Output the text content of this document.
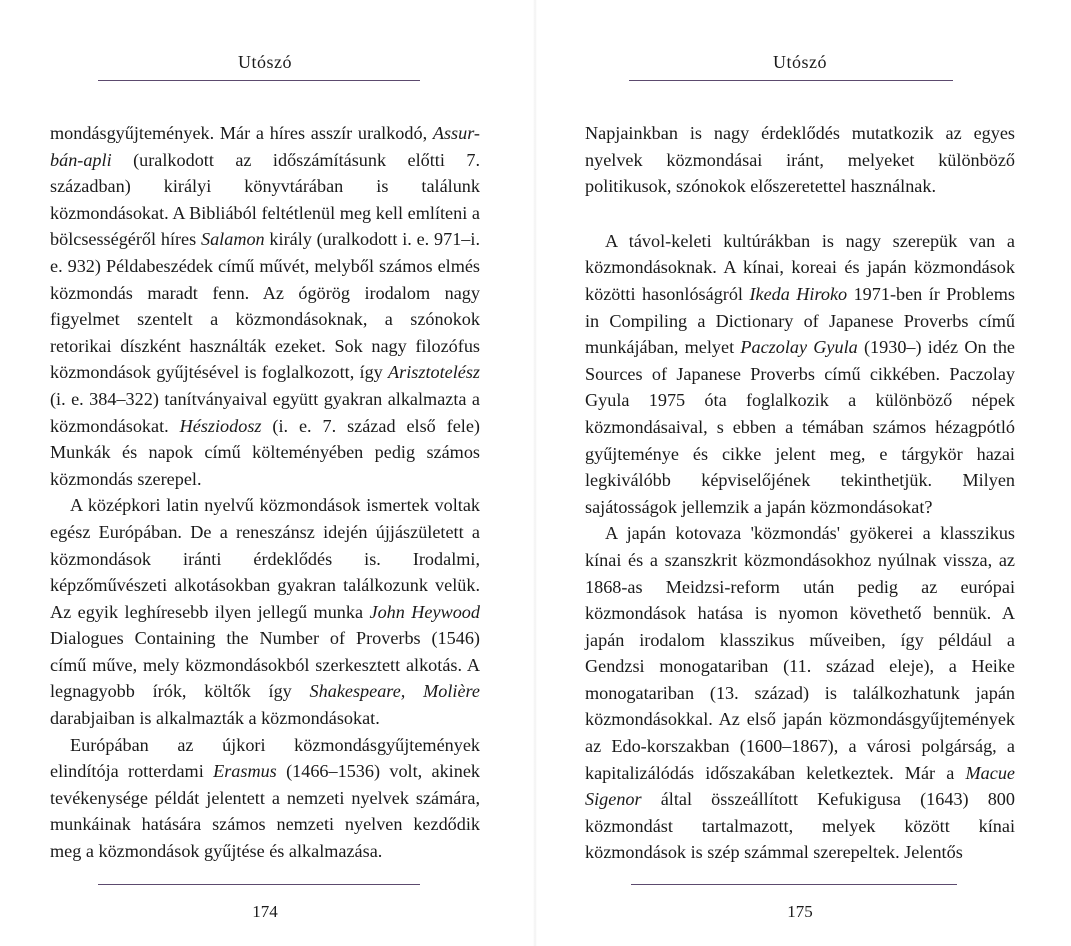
Utószó

mondásgyűjtemények. Már a híres asszír uralkodó, Assur-bán-apli (uralkodott az időszámításunk előtti 7. században) királyi könyvtárában is találunk közmondásokat. A Bibliából feltétlenül meg kell említeni a bölcsességéről híres Salamon király (uralkodott i. e. 971–i. e. 932) Példabeszédek című művét, melyből számos elmés közmondás maradt fenn. Az ógörög irodalom nagy figyelmet szentelt a közmondásoknak, a szónokok retorikai díszként használták ezeket. Sok nagy filozófus közmondások gyűjtésével is foglalkozott, így Arisztotelész (i. e. 384–322) tanítványaival együtt gyakran alkalmazta a közmondásokat. Hésziodosz (i. e. 7. század első fele) Munkák és napok című költeményében pedig számos közmondás szerepel.

A középkori latin nyelvű közmondások ismertek voltak egész Európában. De a reneszánsz idején újjászületett a közmondások iránti érdeklődés is. Irodalmi, képzőművészeti alkotásokban gyakran találkozunk velük. Az egyik leghíresebb ilyen jellegű munka John Heywood Dialogues Containing the Number of Proverbs (1546) című műve, mely közmondásokból szerkesztett alkotás. A legnagyobb írók, költők így Shakespeare, Molière darabjaiban is alkalmazták a közmondásokat.

Európában az újkori közmondásgyűjtemények elindítója rotterdami Erasmus (1466–1536) volt, akinek tevékenysége példát jelentett a nemzeti nyelvek számára, munkáinak hatására számos nemzeti nyelven kezdődik meg a közmondások gyűjtése és alkalmazása.

174
Utószó

Napjainkban is nagy érdeklődés mutatkozik az egyes nyelvek közmondásai iránt, melyeket különböző politikusok, szónokok előszeretettel használnak.

A távol-keleti kultúrákban is nagy szerepük van a közmondásoknak. A kínai, koreai és japán közmondások közötti hasonlóságról Ikeda Hiroko 1971-ben ír Problems in Compiling a Dictionary of Japanese Proverbs című munkájában, melyet Paczolay Gyula (1930–) idéz On the Sources of Japanese Proverbs című cikkében. Paczolay Gyula 1975 óta foglalkozik a különböző népek közmondásaival, s ebben a témában számos hézagpótló gyűjteménye és cikke jelent meg, e tárgykör hazai legkiválóbb képviselőjének tekinthetjük. Milyen sajátosságok jellemzik a japán közmondásokat?

A japán kotovaza 'közmondás' gyökerei a klasszikus kínai és a szanszkrit közmondásokhoz nyúlnak vissza, az 1868-as Meidzsi-reform után pedig az európai közmondások hatása is nyomon követhető bennük. A japán irodalom klasszikus műveiben, így például a Gendzsi monogatariban (11. század eleje), a Heike monogatariban (13. század) is találkozhatunk japán közmondásokkal. Az első japán közmondásgyűjtemények az Edo-korszakban (1600–1867), a városi polgárság, a kapitalizálódás időszakában keletkeztek. Már a Macue Sigenor által összeállított Kefukigusa (1643) 800 közmondást tartalmazott, melyek között kínai közmondások is szép számmal szerepeltek. Jelentős

175
